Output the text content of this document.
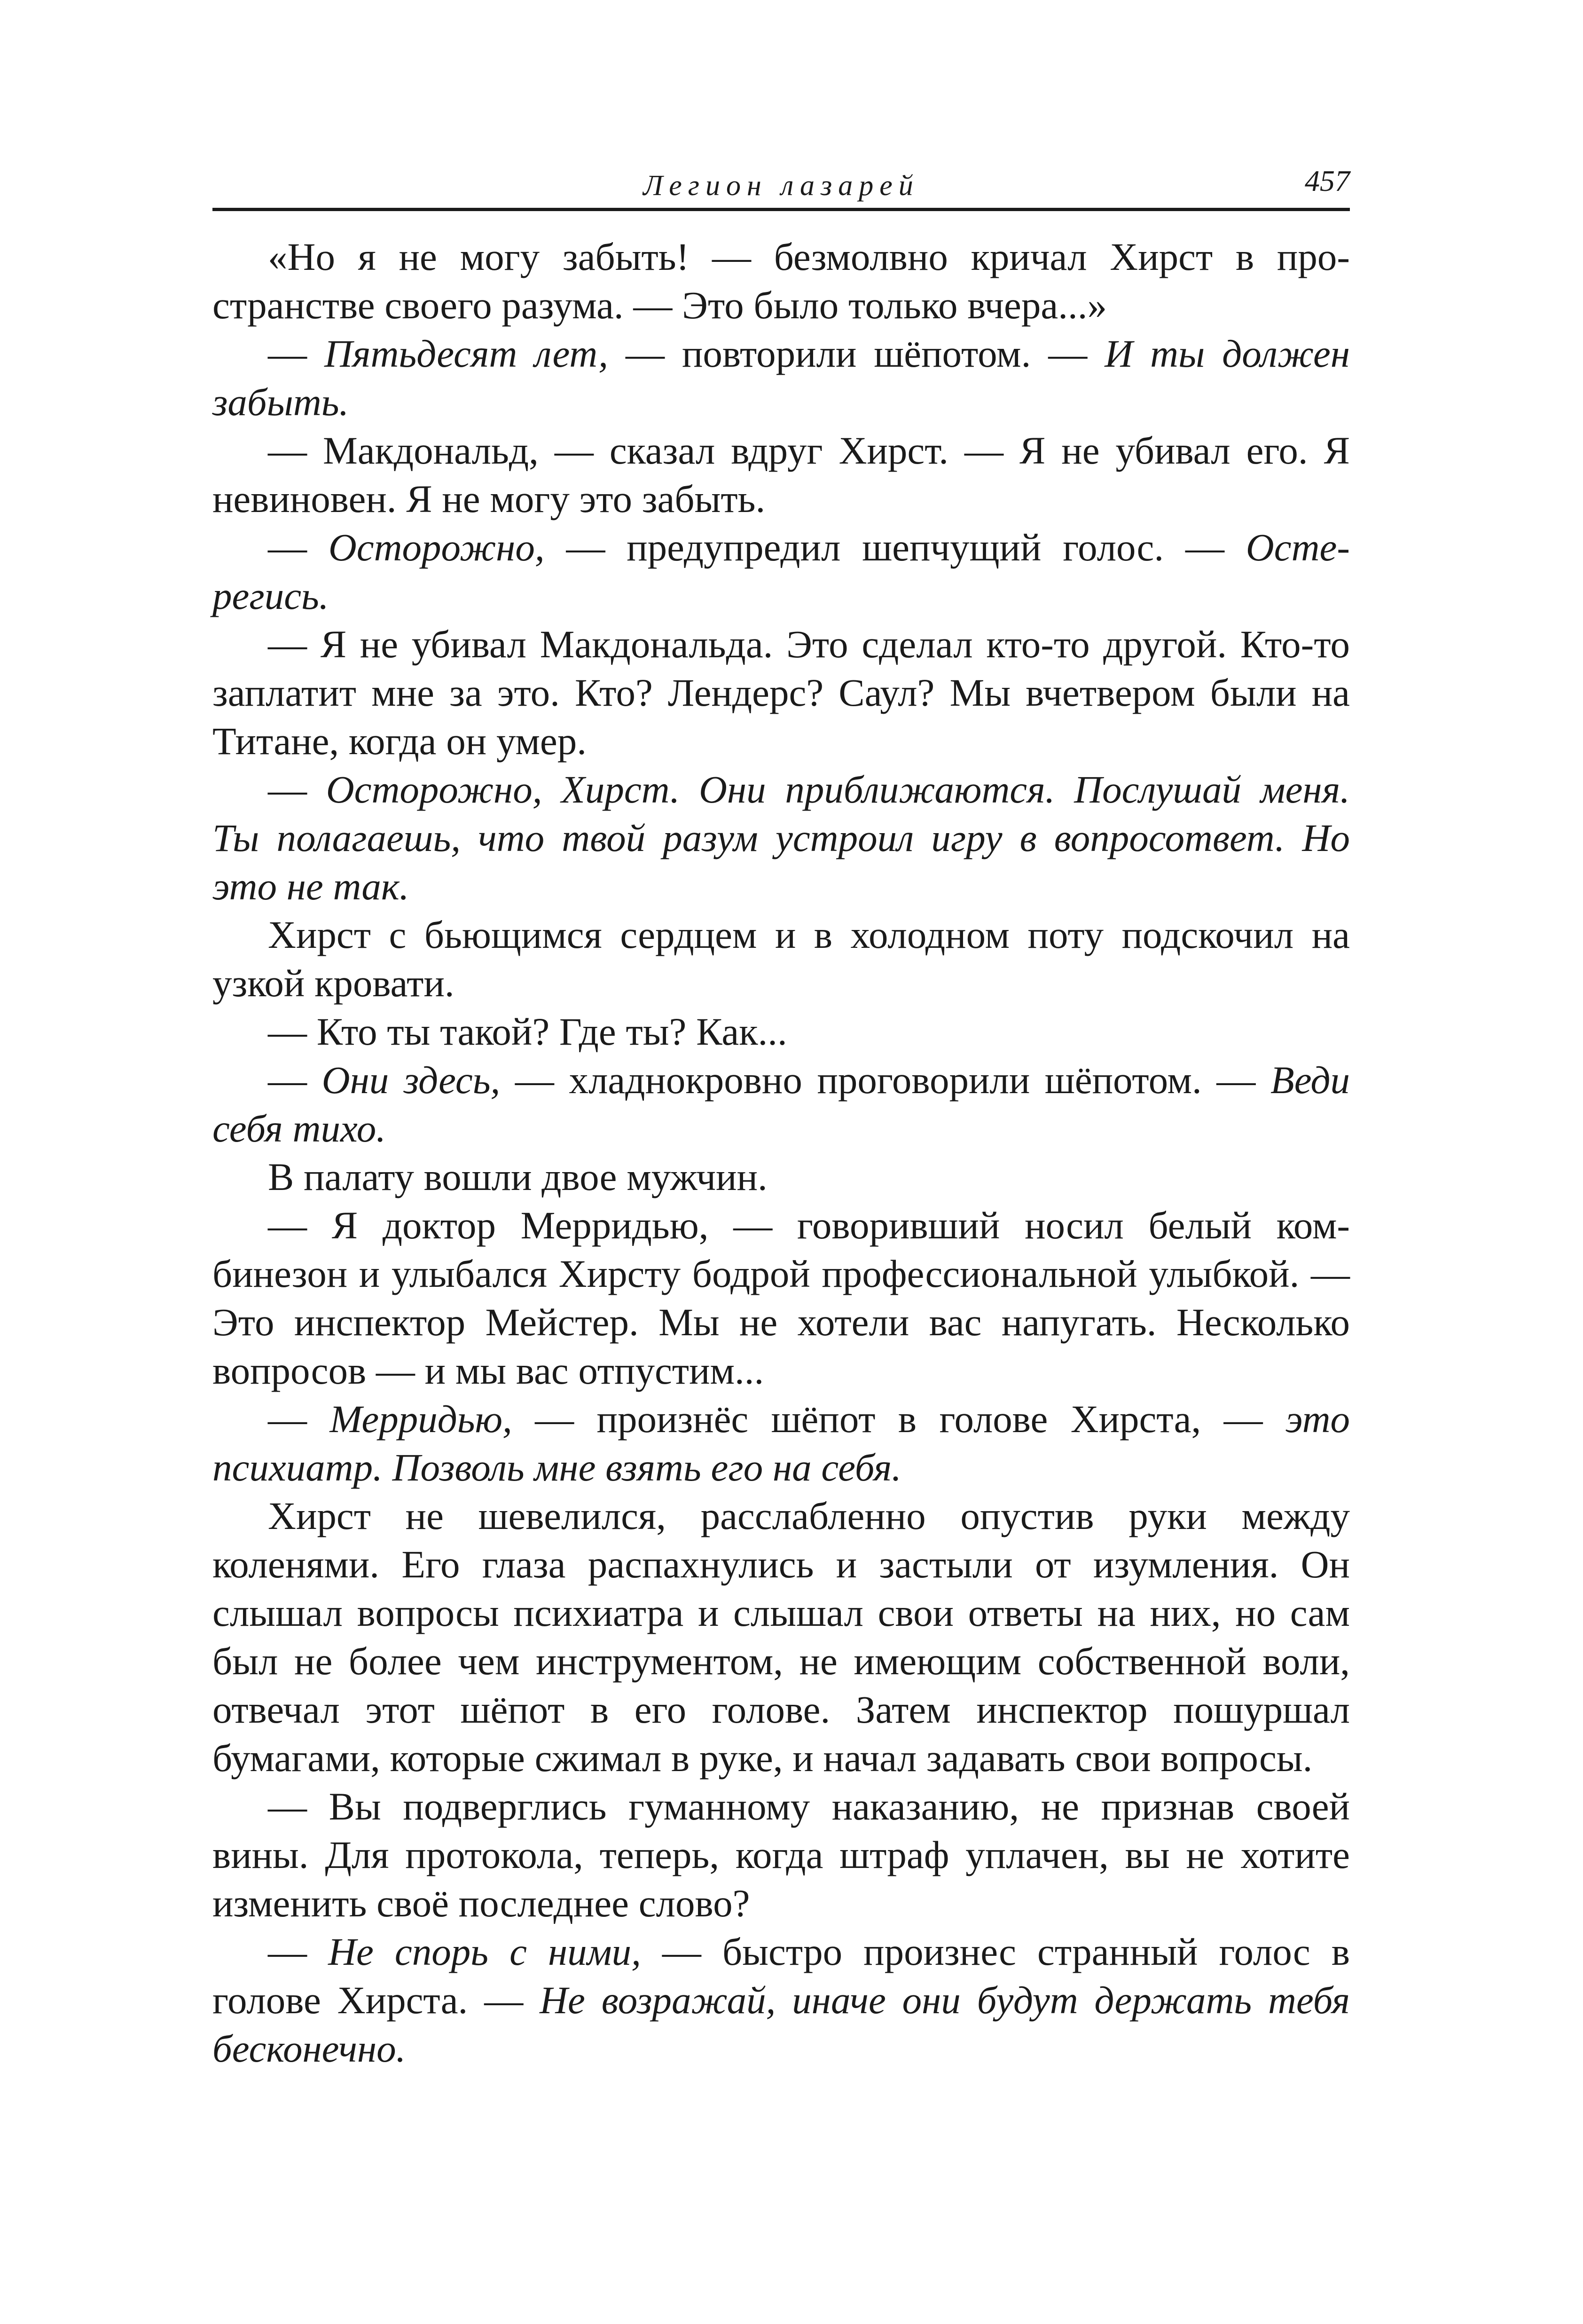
Легион лазарей	457

«Но я не могу забыть! — безмолвно кричал Хирст в пространстве своего разума. — Это было только вчера...»

— Пятьдесят лет, — повторили шёпотом. — И ты должен забыть.

— Макдональд, — сказал вдруг Хирст. — Я не убивал его. Я невиновен. Я не могу это забыть.

— Осторожно, — предупредил шепчущий голос. — Остерегись.

— Я не убивал Макдональда. Это сделал кто-то другой. Кто-то заплатит мне за это. Кто? Лендерс? Саул? Мы вчетвером были на Титане, когда он умер.

— Осторожно, Хирст. Они приближаются. Послушай меня. Ты полагаешь, что твой разум устроил игру в вопросответ. Но это не так.

Хирст с бьющимся сердцем и в холодном поту подскочил на узкой кровати.

— Кто ты такой? Где ты? Как...

— Они здесь, — хладнокровно проговорили шёпотом. — Веди себя тихо.

В палату вошли двое мужчин.

— Я доктор Мерридью, — говоривший носил белый комбинезон и улыбался Хирсту бодрой профессиональной улыбкой. — Это инспектор Мейстер. Мы не хотели вас напугать. Несколько вопросов — и мы вас отпустим...

— Мерридью, — произнёс шёпот в голове Хирста, — это психиатр. Позволь мне взять его на себя.

Хирст не шевелился, расслабленно опустив руки между коленями. Его глаза распахнулись и застыли от изумления. Он слышал вопросы психиатра и слышал свои ответы на них, но сам был не более чем инструментом, не имеющим собственной воли, отвечал этот шёпот в его голове. Затем инспектор пошуршал бумагами, которые сжимал в руке, и начал задавать свои вопросы.

— Вы подверглись гуманному наказанию, не признав своей вины. Для протокола, теперь, когда штраф уплачен, вы не хотите изменить своё последнее слово?

— Не спорь с ними, — быстро произнес странный голос в голове Хирста. — Не возражай, иначе они будут держать тебя бесконечно.
